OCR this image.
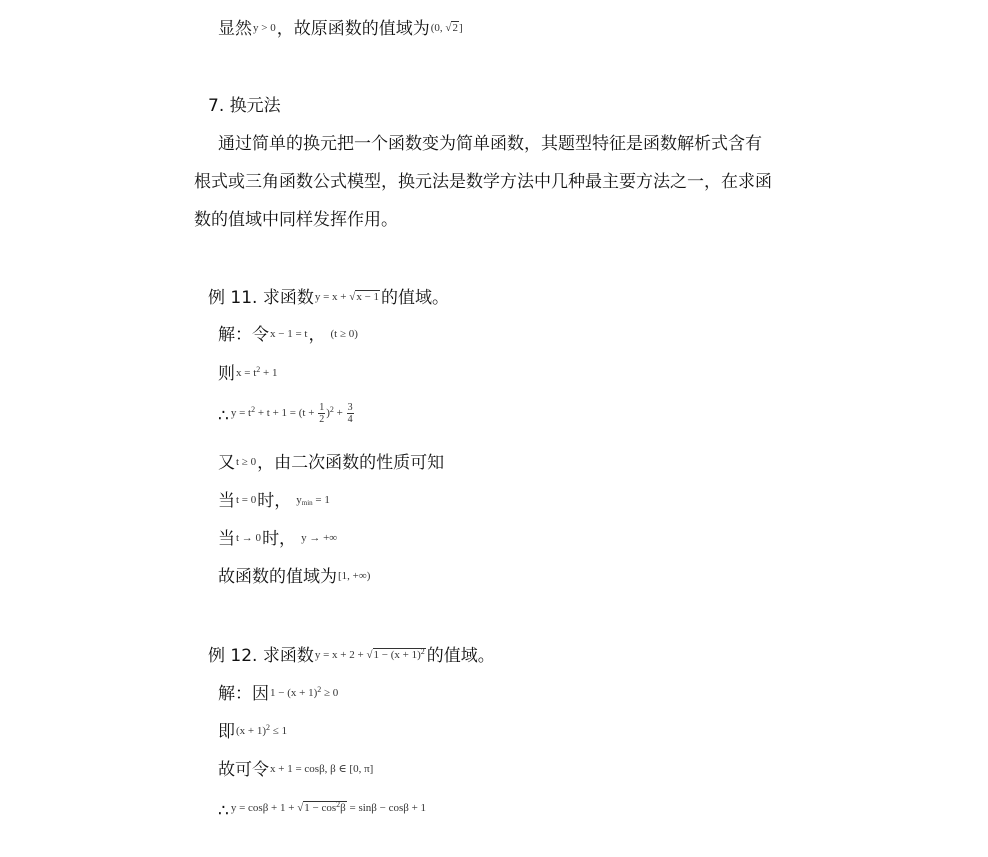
显然y > 0，故原函数的值域为(0, √2]
7. 换元法
通过简单的换元把一个函数变为简单函数，其题型特征是函数解析式含有
根式或三角函数公式模型，换元法是数学方法中几种最主要方法之一，在求函
数的值域中同样发挥作用。
例 11. 求函数y = x + √x − 1 的值域。
解：令x − 1 = t， (t ≥ 0)
则$x = t^2 + 1$
∴ $y = t^2 + t + 1 = (t + \frac{1}{2} )^2 + \frac{3}{4}$
又t ≥ 0，由二次函数的性质可知
当t = 0时， $y_{min} = 1$
当t → 0时， y → +∞
故函数的值域为[1, +∞)
例 12. 求函数$y = x + 2 + √1 - (x + 1)^2$ 的值域。
解：因$1 - (x + 1)^2 \ge 0$
即$(x + 1)^2 \le 1$
故可令x + 1 = cosβ, β ∈ [0, π]
∴ $y = \cos\beta + 1 + √1 - \cos^2\beta = \sin\beta - \cos\beta + 1$
